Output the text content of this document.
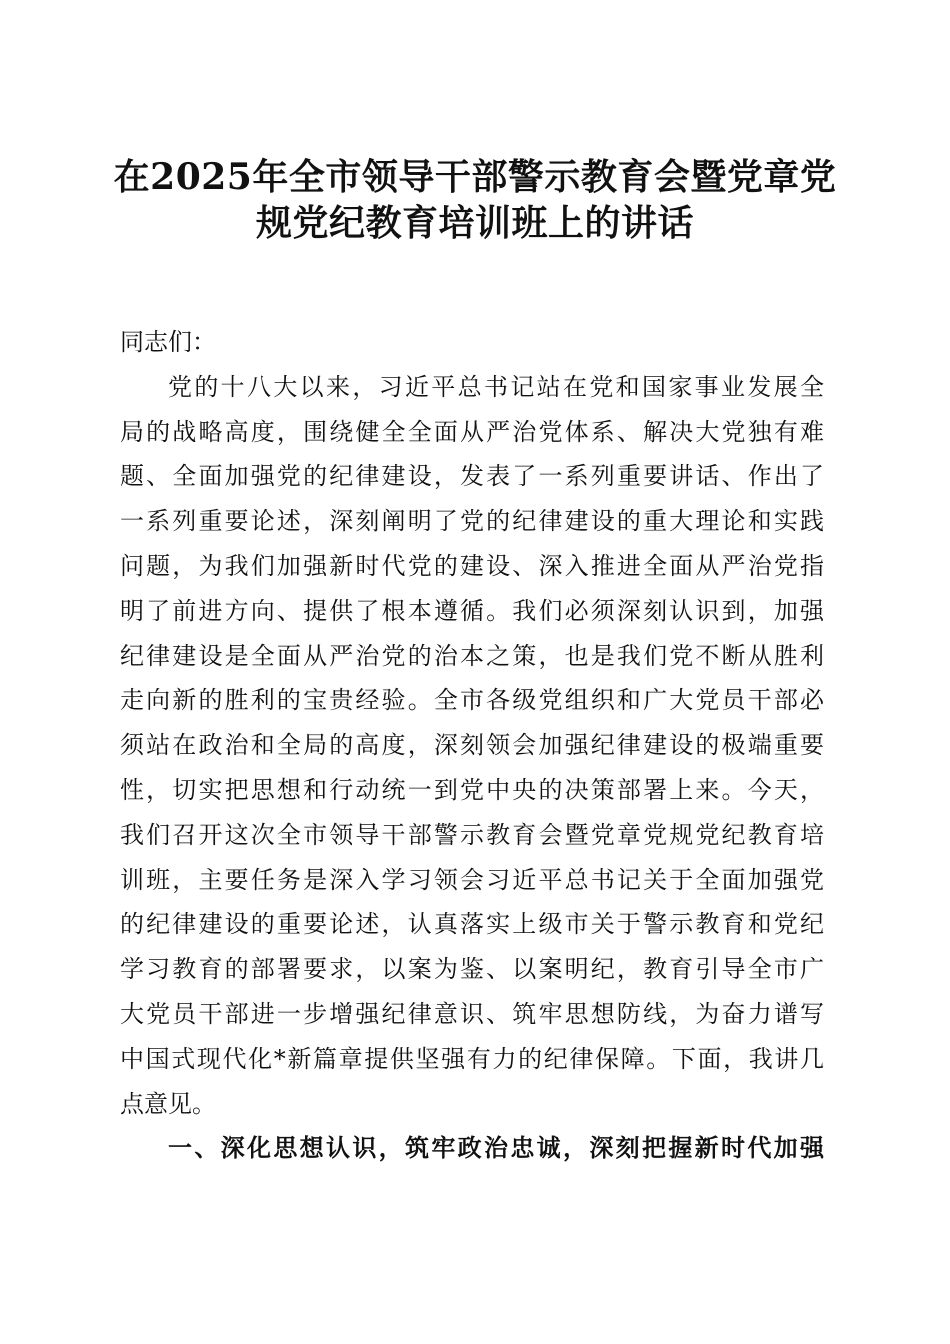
在2025年全市领导干部警示教育会暨党章党
规党纪教育培训班上的讲话

同志们：

党的十八大以来，习近平总书记站在党和国家事业发展全
局的战略高度，围绕健全全面从严治党体系、解决大党独有难
题、全面加强党的纪律建设，发表了一系列重要讲话、作出了
一系列重要论述，深刻阐明了党的纪律建设的重大理论和实践
问题，为我们加强新时代党的建设、深入推进全面从严治党指
明了前进方向、提供了根本遵循。我们必须深刻认识到，加强
纪律建设是全面从严治党的治本之策，也是我们党不断从胜利
走向新的胜利的宝贵经验。全市各级党组织和广大党员干部必
须站在政治和全局的高度，深刻领会加强纪律建设的极端重要
性，切实把思想和行动统一到党中央的决策部署上来。今天，
我们召开这次全市领导干部警示教育会暨党章党规党纪教育培
训班，主要任务是深入学习领会习近平总书记关于全面加强党
的纪律建设的重要论述，认真落实上级市关于警示教育和党纪
学习教育的部署要求，以案为鉴、以案明纪，教育引导全市广
大党员干部进一步增强纪律意识、筑牢思想防线，为奋力谱写
中国式现代化*新篇章提供坚强有力的纪律保障。下面，我讲几
点意见。

一、深化思想认识，筑牢政治忠诚，深刻把握新时代加强
